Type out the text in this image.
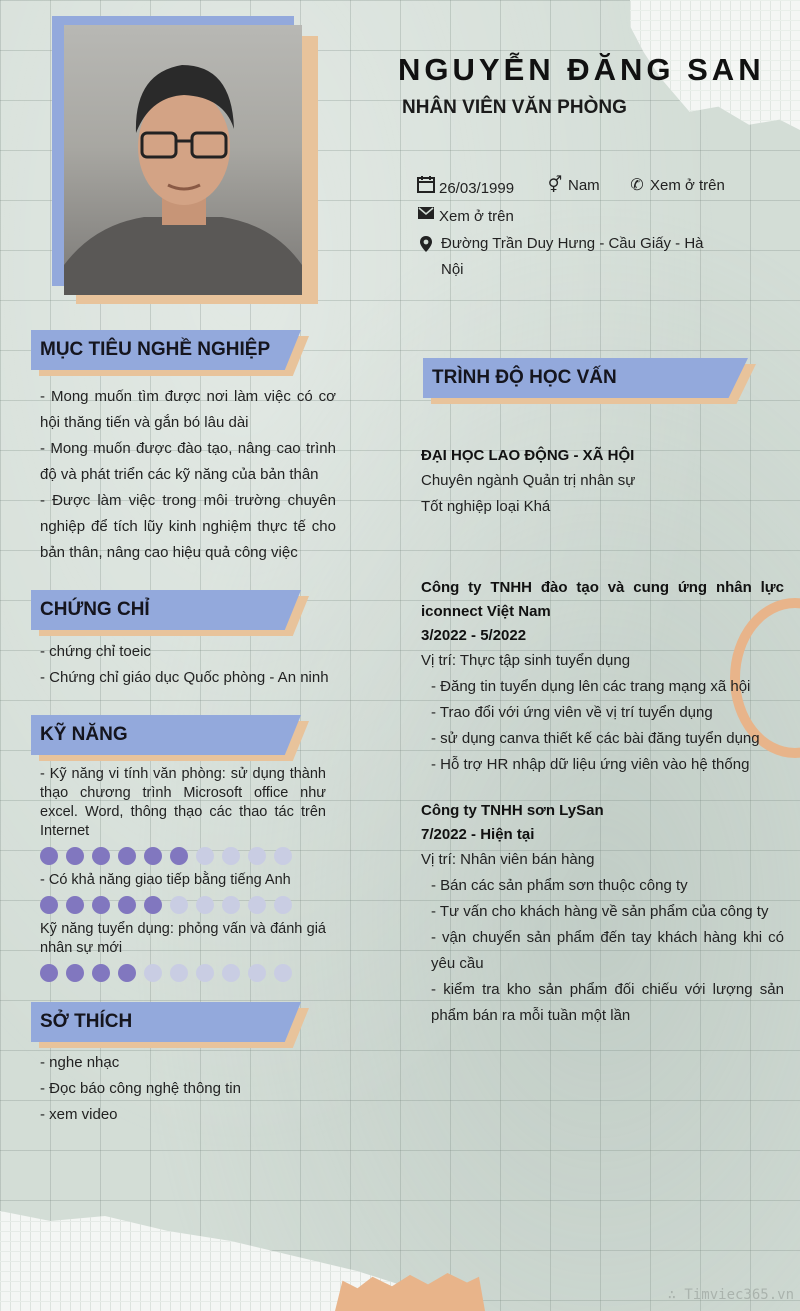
NGUYỄN ĐĂNG SAN
NHÂN VIÊN VĂN PHÒNG
26/03/1999 ⚥ Nam ✆ Xem ở trên
Xem ở trên
Đường Trần Duy Hưng - Cầu Giấy - Hà
Nội
MỤC TIÊU NGHỀ NGHIỆP
- Mong muốn tìm được nơi làm việc có cơ hội thăng tiến và gắn bó lâu dài
- Mong muốn được đào tạo, nâng cao trình độ và phát triển các kỹ năng của bản thân
- Được làm việc trong môi trường chuyên nghiệp để tích lũy kinh nghiệm thực tế cho bản thân, nâng cao hiệu quả công việc
CHỨNG CHỈ
- chứng chỉ toeic
- Chứng chỉ giáo dục Quốc phòng - An ninh
KỸ NĂNG
- Kỹ năng vi tính văn phòng: sử dụng thành thạo chương trình Microsoft office như excel. Word, thông thạo các thao tác trên Internet
- Có khả năng giao tiếp bằng tiếng Anh
Kỹ năng tuyển dụng: phỏng vấn và đánh giá nhân sự mới
SỞ THÍCH
- nghe nhạc
- Đọc báo công nghệ thông tin
- xem video
TRÌNH ĐỘ HỌC VẤN
ĐẠI HỌC LAO ĐỘNG - XÃ HỘI
Chuyên ngành Quản trị nhân sự
Tốt nghiệp loại Khá
Công ty TNHH đào tạo và cung ứng nhân lực iconnect Việt Nam
3/2022 - 5/2022
Vị trí: Thực tập sinh tuyển dụng
- Đăng tin tuyển dụng lên các trang mạng xã hội
- Trao đổi với ứng viên về vị trí tuyển dụng
- sử dụng canva thiết kế các bài đăng tuyển dụng
- Hỗ trợ HR nhập dữ liệu ứng viên vào hệ thống
Công ty TNHH sơn LySan
7/2022 - Hiện tại
Vị trí: Nhân viên bán hàng
- Bán các sản phẩm sơn thuộc công ty
- Tư vấn cho khách hàng về sản phẩm của công ty
- vận chuyển sản phẩm đến tay khách hàng khi có yêu cầu
- kiểm tra kho sản phẩm đối chiếu với lượng sản phẩm bán ra mỗi tuần một lần
∴ Timviec365.vn
